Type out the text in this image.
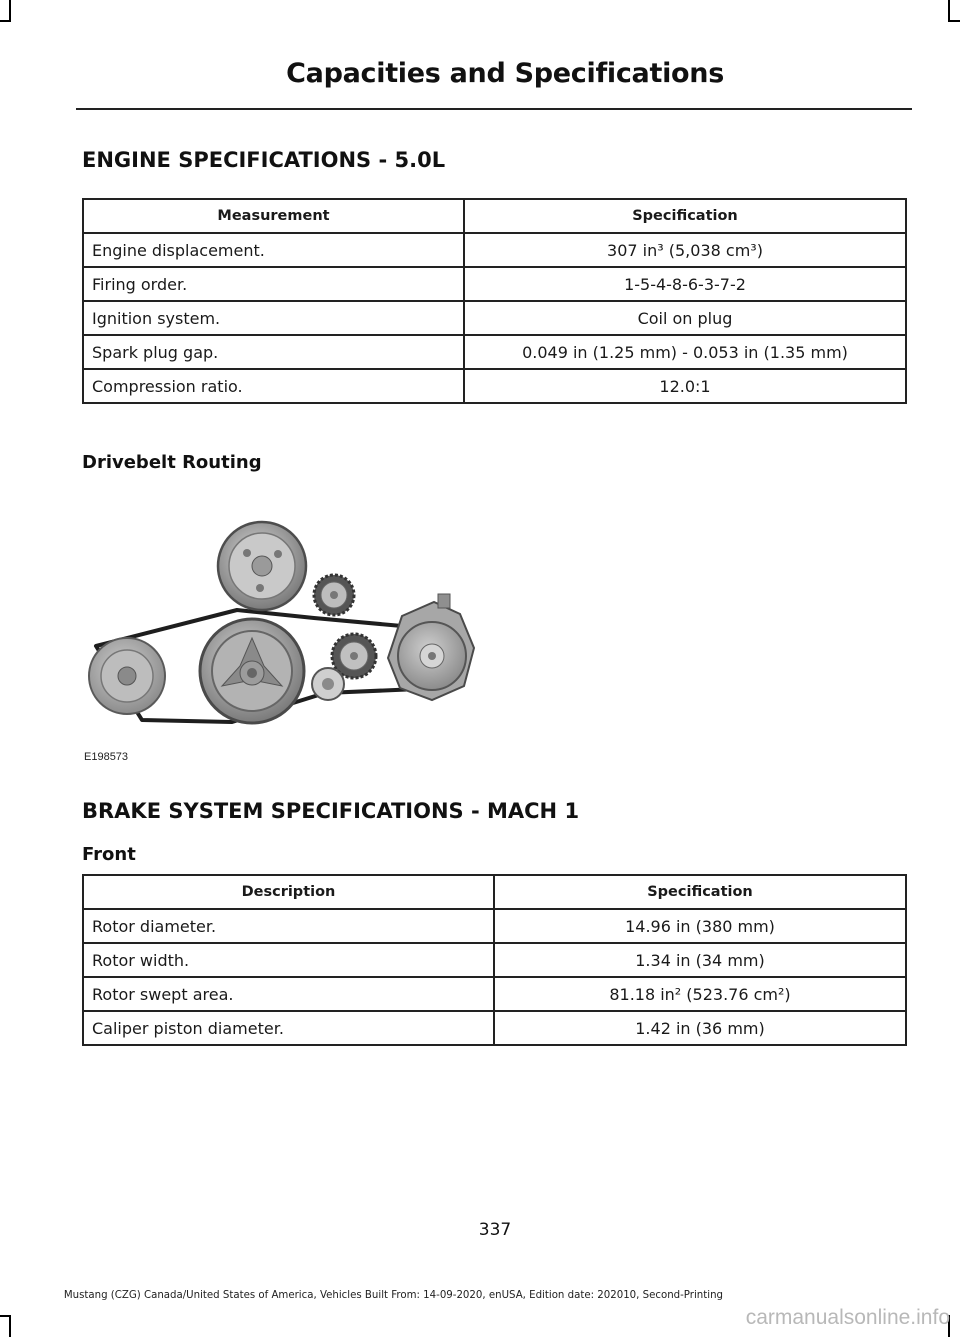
Capacities and Specifications
ENGINE SPECIFICATIONS - 5.0L
Measurement	Specification
Engine displacement.	307 in³ (5,038 cm³)
Firing order.	1-5-4-8-6-3-7-2
Ignition system.	Coil on plug
Spark plug gap.	0.049 in (1.25 mm) - 0.053 in (1.35 mm)
Compression ratio.	12.0:1
Drivebelt Routing
E198573
BRAKE SYSTEM SPECIFICATIONS - MACH 1
Front
Description	Specification
Rotor diameter.	14.96 in (380 mm)
Rotor width.	1.34 in (34 mm)
Rotor swept area.	81.18 in² (523.76 cm²)
Caliper piston diameter.	1.42 in (36 mm)
337
Mustang (CZG) Canada/United States of America, Vehicles Built From: 14-09-2020, enUSA, Edition date: 202010, Second-Printing
carmanualsonline.info
